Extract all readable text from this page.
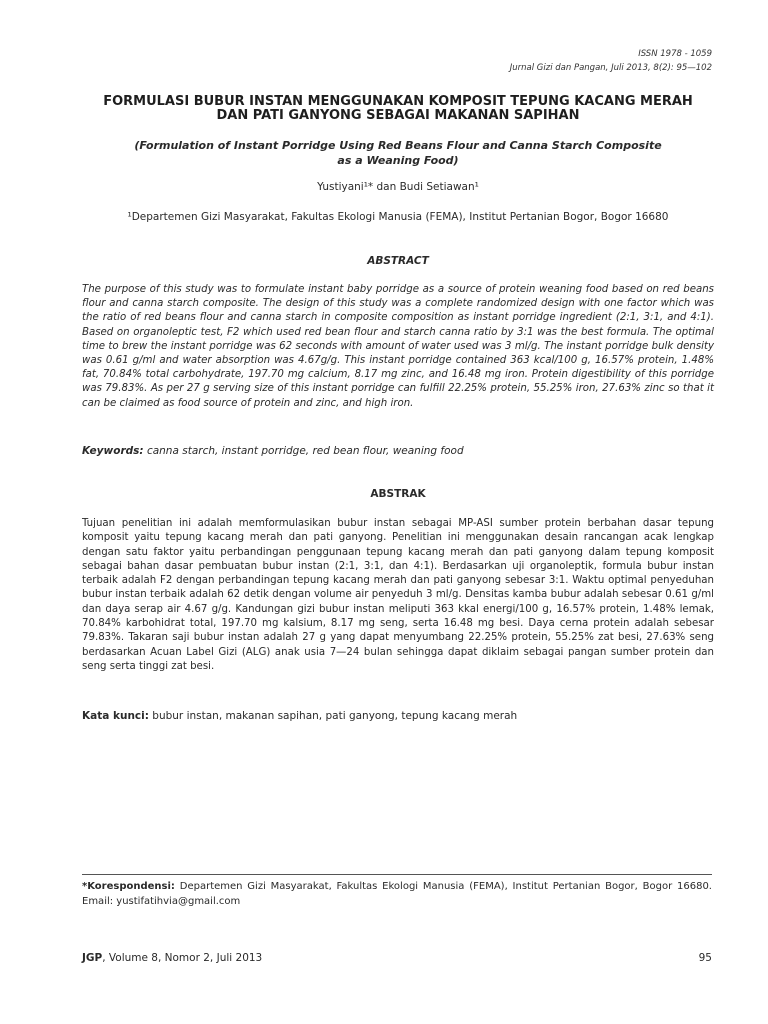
ISSN 1978 - 1059
Jurnal Gizi dan Pangan, Juli 2013, 8(2): 95—102
FORMULASI BUBUR INSTAN MENGGUNAKAN KOMPOSIT TEPUNG KACANG MERAH
DAN PATI GANYONG SEBAGAI MAKANAN SAPIHAN
(Formulation of Instant Porridge Using Red Beans Flour and Canna Starch Composite
as a Weaning Food)
Yustiyani¹* dan Budi Setiawan¹
¹Departemen Gizi Masyarakat, Fakultas Ekologi Manusia (FEMA), Institut Pertanian Bogor, Bogor 16680
ABSTRACT

The purpose of this study was to formulate instant baby porridge as a source of protein weaning food based on red beans flour and canna starch composite. The design of this study was a complete randomized design with one factor which was the ratio of red beans flour and canna starch in composite composition as instant porridge ingredient (2:1, 3:1, and 4:1). Based on organoleptic test, F2 which used red bean flour and starch canna ratio by 3:1 was the best formula. The optimal time to brew the instant porridge was 62 seconds with amount of water used was 3 ml/g. The instant porridge bulk density was 0.61 g/ml and water absorption was 4.67g/g. This instant porridge contained 363 kcal/100 g, 16.57% protein, 1.48% fat, 70.84% total carbohydrate, 197.70 mg calcium, 8.17 mg zinc, and 16.48 mg iron. Protein digestibility of this porridge was 79.83%. As per 27 g serving size of this instant porridge can fulfill 22.25% protein, 55.25% iron, 27.63% zinc so that it can be claimed as food source of protein and zinc, and high iron.

Keywords: canna starch, instant porridge, red bean flour, weaning food
ABSTRAK

Tujuan penelitian ini adalah memformulasikan bubur instan sebagai MP-ASI sumber protein berbahan dasar tepung komposit yaitu tepung kacang merah dan pati ganyong. Penelitian ini menggunakan desain rancangan acak lengkap dengan satu faktor yaitu perbandingan penggunaan tepung kacang merah dan pati ganyong dalam tepung komposit sebagai bahan dasar pembuatan bubur instan (2:1, 3:1, dan 4:1). Berdasarkan uji organoleptik, formula bubur instan terbaik adalah F2 dengan perbandingan tepung kacang merah dan pati ganyong sebesar 3:1. Waktu optimal penyeduhan bubur instan terbaik adalah 62 detik dengan volume air penyeduh 3 ml/g. Densitas kamba bubur adalah sebesar 0.61 g/ml dan daya serap air 4.67 g/g. Kandungan gizi bubur instan meliputi 363 kkal energi/100 g, 16.57% protein, 1.48% lemak, 70.84% karbohidrat total, 197.70 mg kalsium, 8.17 mg seng, serta 16.48 mg besi. Daya cerna protein adalah sebesar 79.83%. Takaran saji bubur instan adalah 27 g yang dapat menyumbang 22.25% protein, 55.25% zat besi, 27.63% seng berdasarkan Acuan Label Gizi (ALG) anak usia 7—24 bulan sehingga dapat diklaim sebagai pangan sumber protein dan seng serta tinggi zat besi.

Kata kunci: bubur instan, makanan sapihan, pati ganyong, tepung kacang merah

*Korespondensi: Departemen Gizi Masyarakat, Fakultas Ekologi Manusia (FEMA), Institut Pertanian Bogor, Bogor 16680. Email: yustifatihvia@gmail.com

JGP, Volume 8, Nomor 2, Juli 2013	95
